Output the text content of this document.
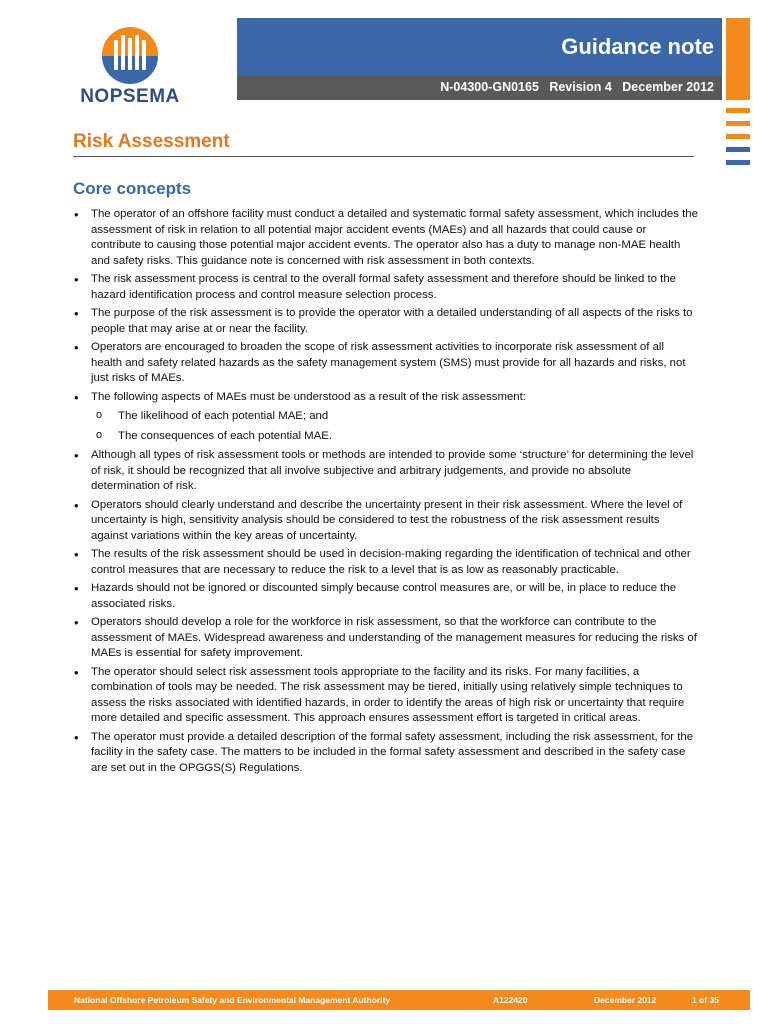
NOPSEMA
Guidance note
N-04300-GN0165   Revision 4   December 2012
Risk Assessment
Core concepts
• The operator of an offshore facility must conduct a detailed and systematic formal safety assessment, which includes the assessment of risk in relation to all potential major accident events (MAEs) and all hazards that could cause or contribute to causing those potential major accident events. The operator also has a duty to manage non-MAE health and safety risks. This guidance note is concerned with risk assessment in both contexts.
• The risk assessment process is central to the overall formal safety assessment and therefore should be linked to the hazard identification process and control measure selection process.
• The purpose of the risk assessment is to provide the operator with a detailed understanding of all aspects of the risks to people that may arise at or near the facility.
• Operators are encouraged to broaden the scope of risk assessment activities to incorporate risk assessment of all health and safety related hazards as the safety management system (SMS) must provide for all hazards and risks, not just risks of MAEs.
• The following aspects of MAEs must be understood as a result of the risk assessment:
o The likelihood of each potential MAE; and
o The consequences of each potential MAE.
• Although all types of risk assessment tools or methods are intended to provide some ‘structure’ for determining the level of risk, it should be recognized that all involve subjective and arbitrary judgements, and provide no absolute determination of risk.
• Operators should clearly understand and describe the uncertainty present in their risk assessment. Where the level of uncertainty is high, sensitivity analysis should be considered to test the robustness of the risk assessment results against variations within the key areas of uncertainty.
• The results of the risk assessment should be used in decision-making regarding the identification of technical and other control measures that are necessary to reduce the risk to a level that is as low as reasonably practicable.
• Hazards should not be ignored or discounted simply because control measures are, or will be, in place to reduce the associated risks.
• Operators should develop a role for the workforce in risk assessment, so that the workforce can contribute to the assessment of MAEs. Widespread awareness and understanding of the management measures for reducing the risks of MAEs is essential for safety improvement.
• The operator should select risk assessment tools appropriate to the facility and its risks. For many facilities, a combination of tools may be needed. The risk assessment may be tiered, initially using relatively simple techniques to assess the risks associated with identified hazards, in order to identify the areas of high risk or uncertainty that require more detailed and specific assessment. This approach ensures assessment effort is targeted in critical areas.
• The operator must provide a detailed description of the formal safety assessment, including the risk assessment, for the facility in the safety case. The matters to be included in the formal safety assessment and described in the safety case are set out in the OPGGS(S) Regulations.
National Offshore Petroleum Safety and Environmental Management Authority	A122420	December 2012	1 of 35
